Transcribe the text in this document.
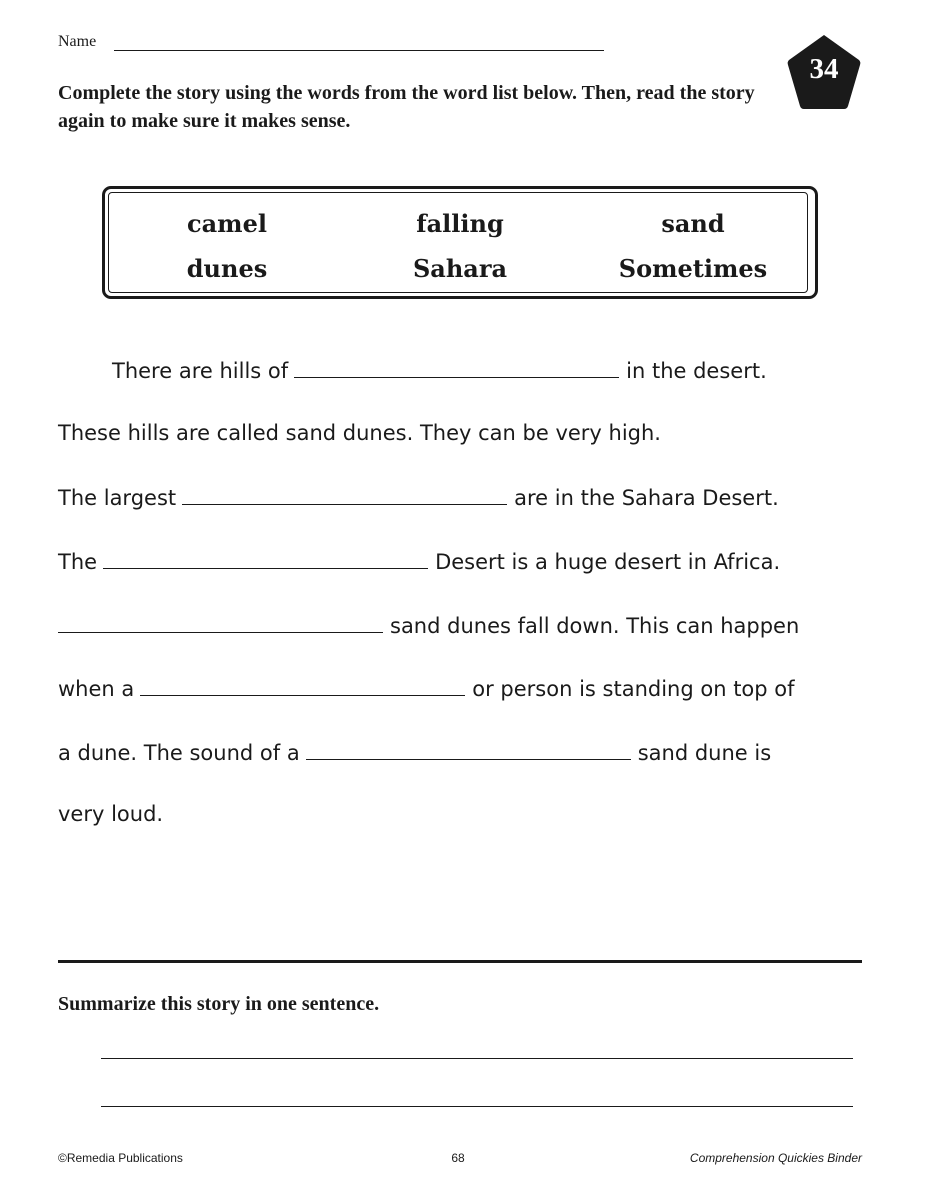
Name
34
Complete the story using the words from the word list below. Then, read the story again to make sure it makes sense.
camel	falling	sand
dunes	Sahara	Sometimes
There are hills of	in the desert.
These hills are called sand dunes. They can be very high.
The largest	are in the Sahara Desert.
The	Desert is a huge desert in Africa.
sand dunes fall down. This can happen
when a	or person is standing on top of
a dune. The sound of a	sand dune is
very loud.
Summarize this story in one sentence.
©Remedia Publications	68	Comprehension Quickies Binder
